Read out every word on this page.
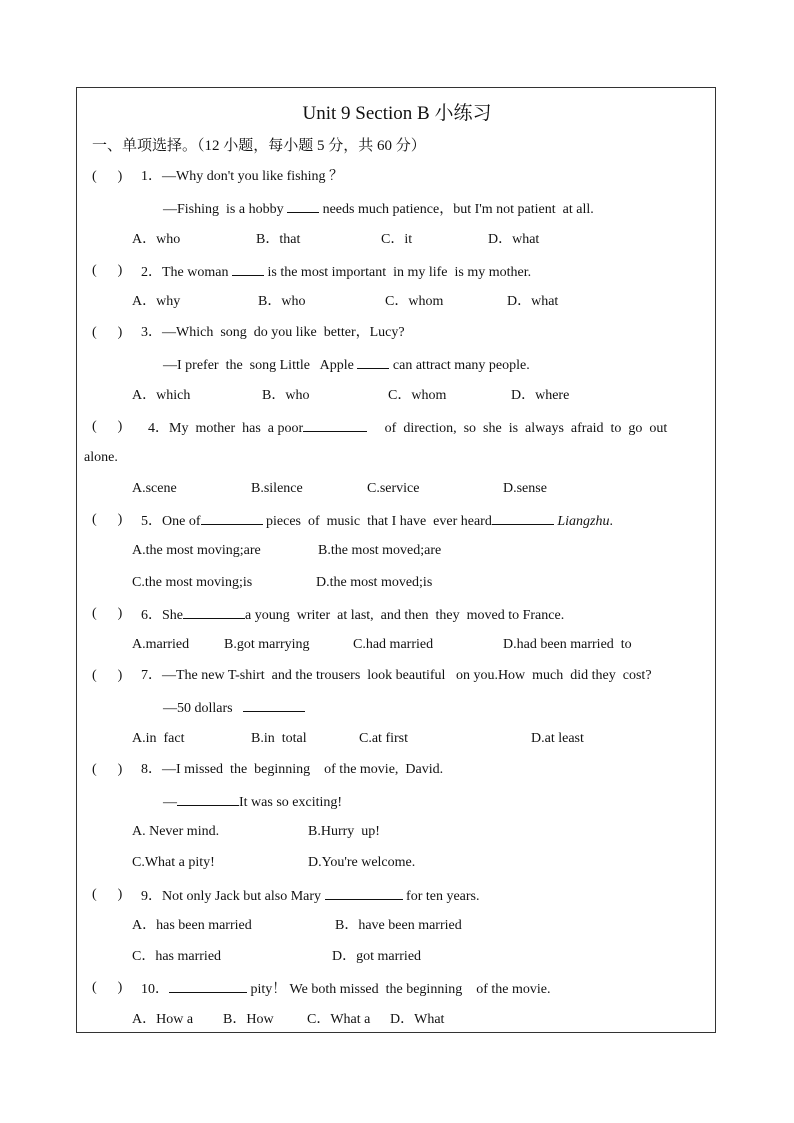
Unit 9 Section B 小练习
一、单项选择。（12 小题，每小题 5 分，共 60 分）
(      ) 1．—Why don't you like fishing ？
—Fishing  is a hobby  needs much patience，but I'm not patient  at all.
A．who	B．that	C．it	D．what
(      ) 2．The woman  is the most important  in my life  is my mother.
A．why	B．who	C．whom	D．what
(      ) 3．—Which  song  do you like  better，Lucy?
—I prefer  the  song Little   Apple  can attract many people.
A．which	B．who	C．whom	D．where
(      ) 4．My  mother  has  a poor	of  direction,  so  she  is  always  afraid  to  go  out
alone.
A.scene	B.silence	C.service	D.sense
(      ) 5．One of	pieces  of  music  that I have  ever heard	Liangzhu.
A.the most moving;are	B.the most moved;are
C.the most moving;is	D.the most moved;is
(      ) 6．She	a young  writer  at last,  and then  they  moved to France.
A.married B.got marrying	C.had married	D.had been married  to
(      ) 7．—The new T-shirt  and the trousers  look beautiful   on you.How  much  did they  cost?
—50 dollars
A.in  fact	B.in  total	C.at first	D.at least
(      ) 8．—I missed  the  beginning    of the movie,  David.
—	It was so exciting!
A. Never mind.	B.Hurry  up!
C.What a pity!	D.You're welcome.
(      ) 9．Not only Jack but also Mary	for ten years.
A．has been married	B．have been married
C．has married	D．got married
(      ) 10．	pity！ We both missed  the beginning    of the movie.
A．How a B．How C．What a D．What
